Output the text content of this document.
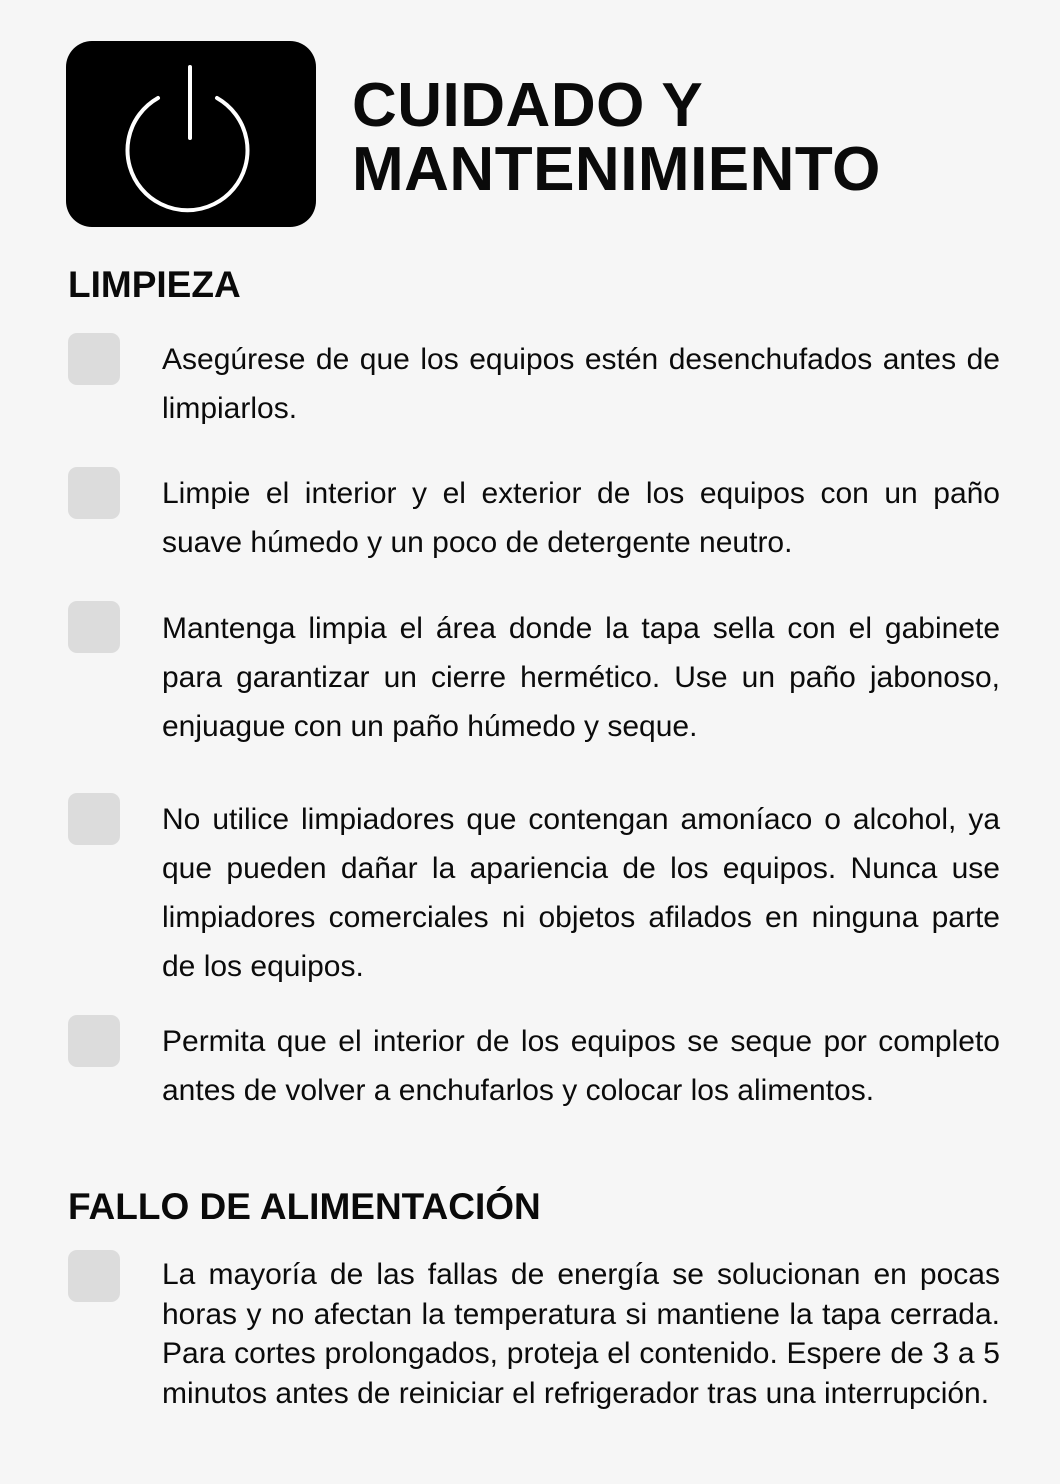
CUIDADO Y
MANTENIMIENTO
LIMPIEZA

Asegúrese de que los equipos estén desenchufados antes de limpiarlos.

Limpie el interior y el exterior de los equipos con un paño suave húmedo y un poco de detergente neutro.

Mantenga limpia el área donde la tapa sella con el gabinete para garantizar un cierre hermético. Use un paño jabonoso, enjuague con un paño húmedo y seque.

No utilice limpiadores que contengan amoníaco o alcohol, ya que pueden dañar la apariencia de los equipos. Nunca use limpiadores comerciales ni objetos afilados en ninguna parte de los equipos.

Permita que el interior de los equipos se seque por completo antes de volver a enchufarlos y colocar los alimentos.

FALLO DE ALIMENTACIÓN

La mayoría de las fallas de energía se solucionan en pocas horas y no afectan la temperatura si mantiene la tapa cerrada. Para cortes prolongados, proteja el contenido. Espere de 3 a 5 minutos antes de reiniciar el refrigerador tras una interrupción.
